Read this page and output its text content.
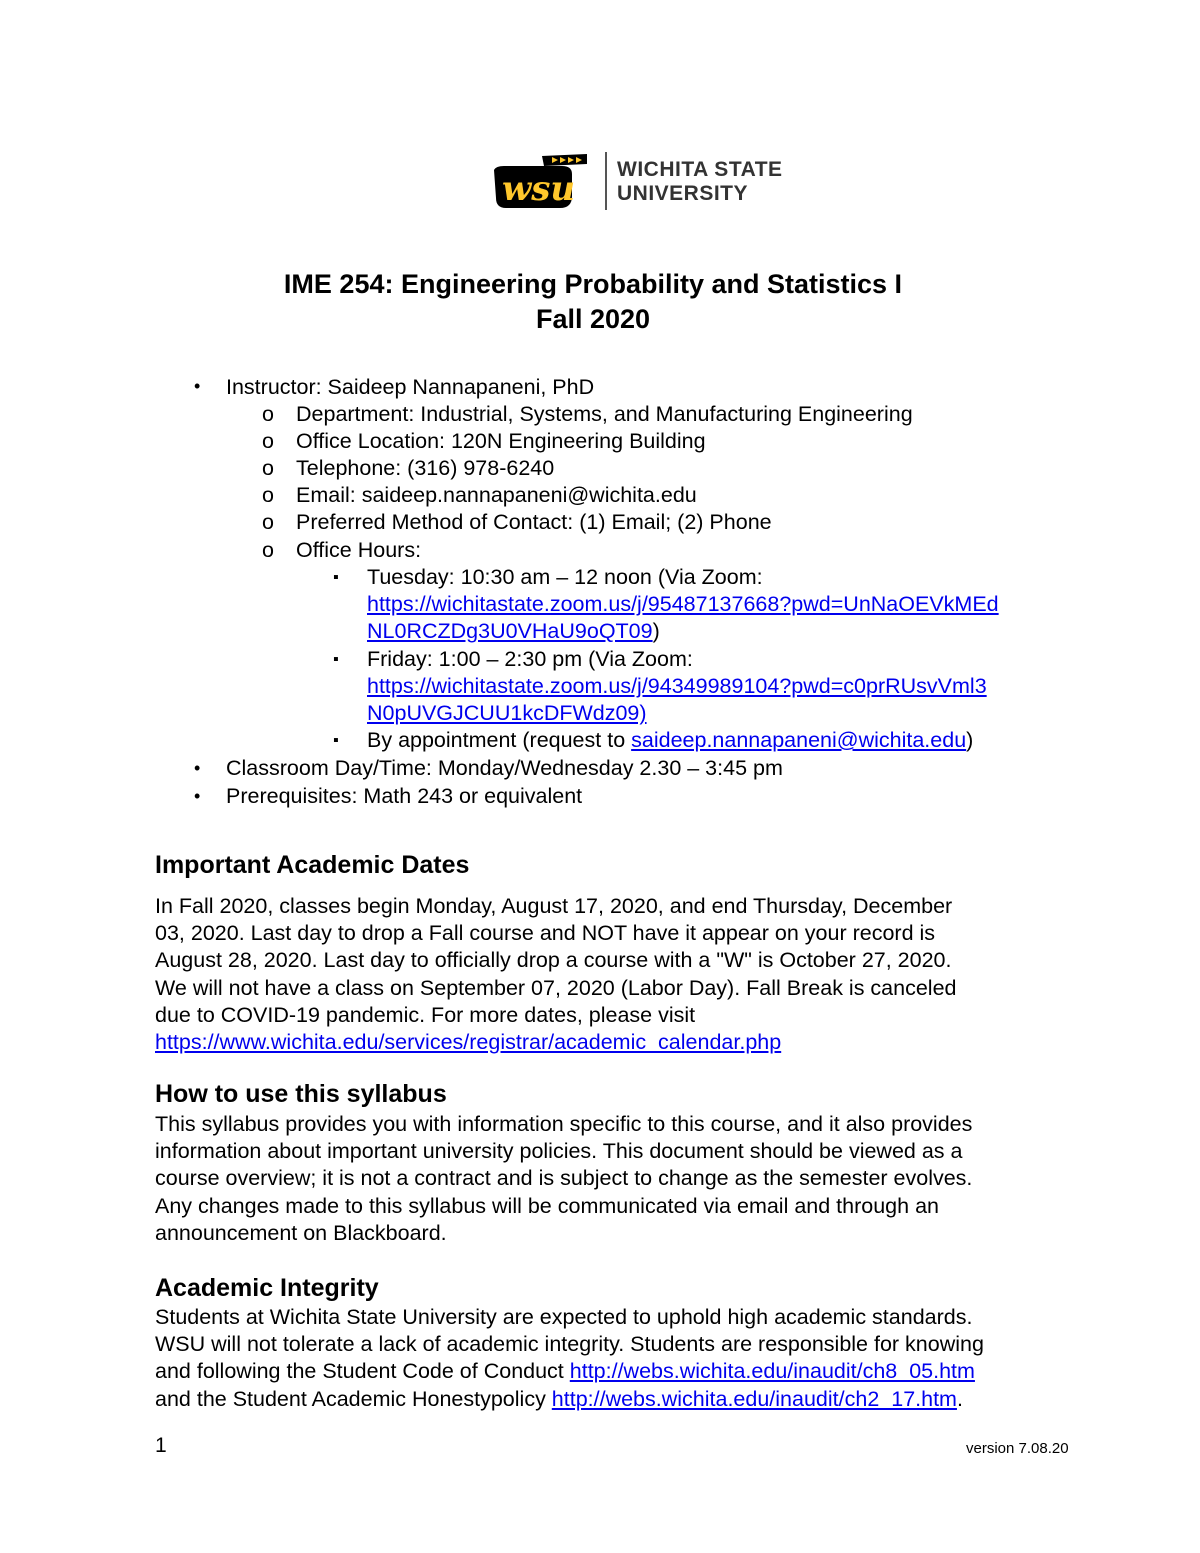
wsu WICHITA STATE
UNIVERSITY
IME 254: Engineering Probability and Statistics I
Fall 2020
• Instructor: Saideep Nannapaneni, PhD
o Department: Industrial, Systems, and Manufacturing Engineering
o Office Location: 120N Engineering Building
o Telephone: (316) 978-6240
o Email: saideep.nannapaneni@wichita.edu
o Preferred Method of Contact: (1) Email; (2) Phone
o Office Hours:
▪ Tuesday: 10:30 am – 12 noon (Via Zoom:
https://wichitastate.zoom.us/j/95487137668?pwd=UnNaOEVkMEd
NL0RCZDg3U0VHaU9oQT09)
▪ Friday: 1:00 – 2:30 pm (Via Zoom:
https://wichitastate.zoom.us/j/94349989104?pwd=c0prRUsvVml3
N0pUVGJCUU1kcDFWdz09)
▪ By appointment (request to saideep.nannapaneni@wichita.edu)
• Classroom Day/Time: Monday/Wednesday 2.30 – 3:45 pm
• Prerequisites: Math 243 or equivalent
Important Academic Dates
In Fall 2020, classes begin Monday, August 17, 2020, and end Thursday, December
03, 2020. Last day to drop a Fall course and NOT have it appear on your record is
August 28, 2020. Last day to officially drop a course with a "W" is October 27, 2020.
We will not have a class on September 07, 2020 (Labor Day). Fall Break is canceled
due to COVID-19 pandemic. For more dates, please visit
https://www.wichita.edu/services/registrar/academic_calendar.php
How to use this syllabus
This syllabus provides you with information specific to this course, and it also provides
information about important university policies. This document should be viewed as a
course overview; it is not a contract and is subject to change as the semester evolves.
Any changes made to this syllabus will be communicated via email and through an
announcement on Blackboard.
Academic Integrity
Students at Wichita State University are expected to uphold high academic standards.
WSU will not tolerate a lack of academic integrity. Students are responsible for knowing
and following the Student Code of Conduct http://webs.wichita.edu/inaudit/ch8_05.htm
and the Student Academic Honestypolicy http://webs.wichita.edu/inaudit/ch2_17.htm.
1	version 7.08.20
